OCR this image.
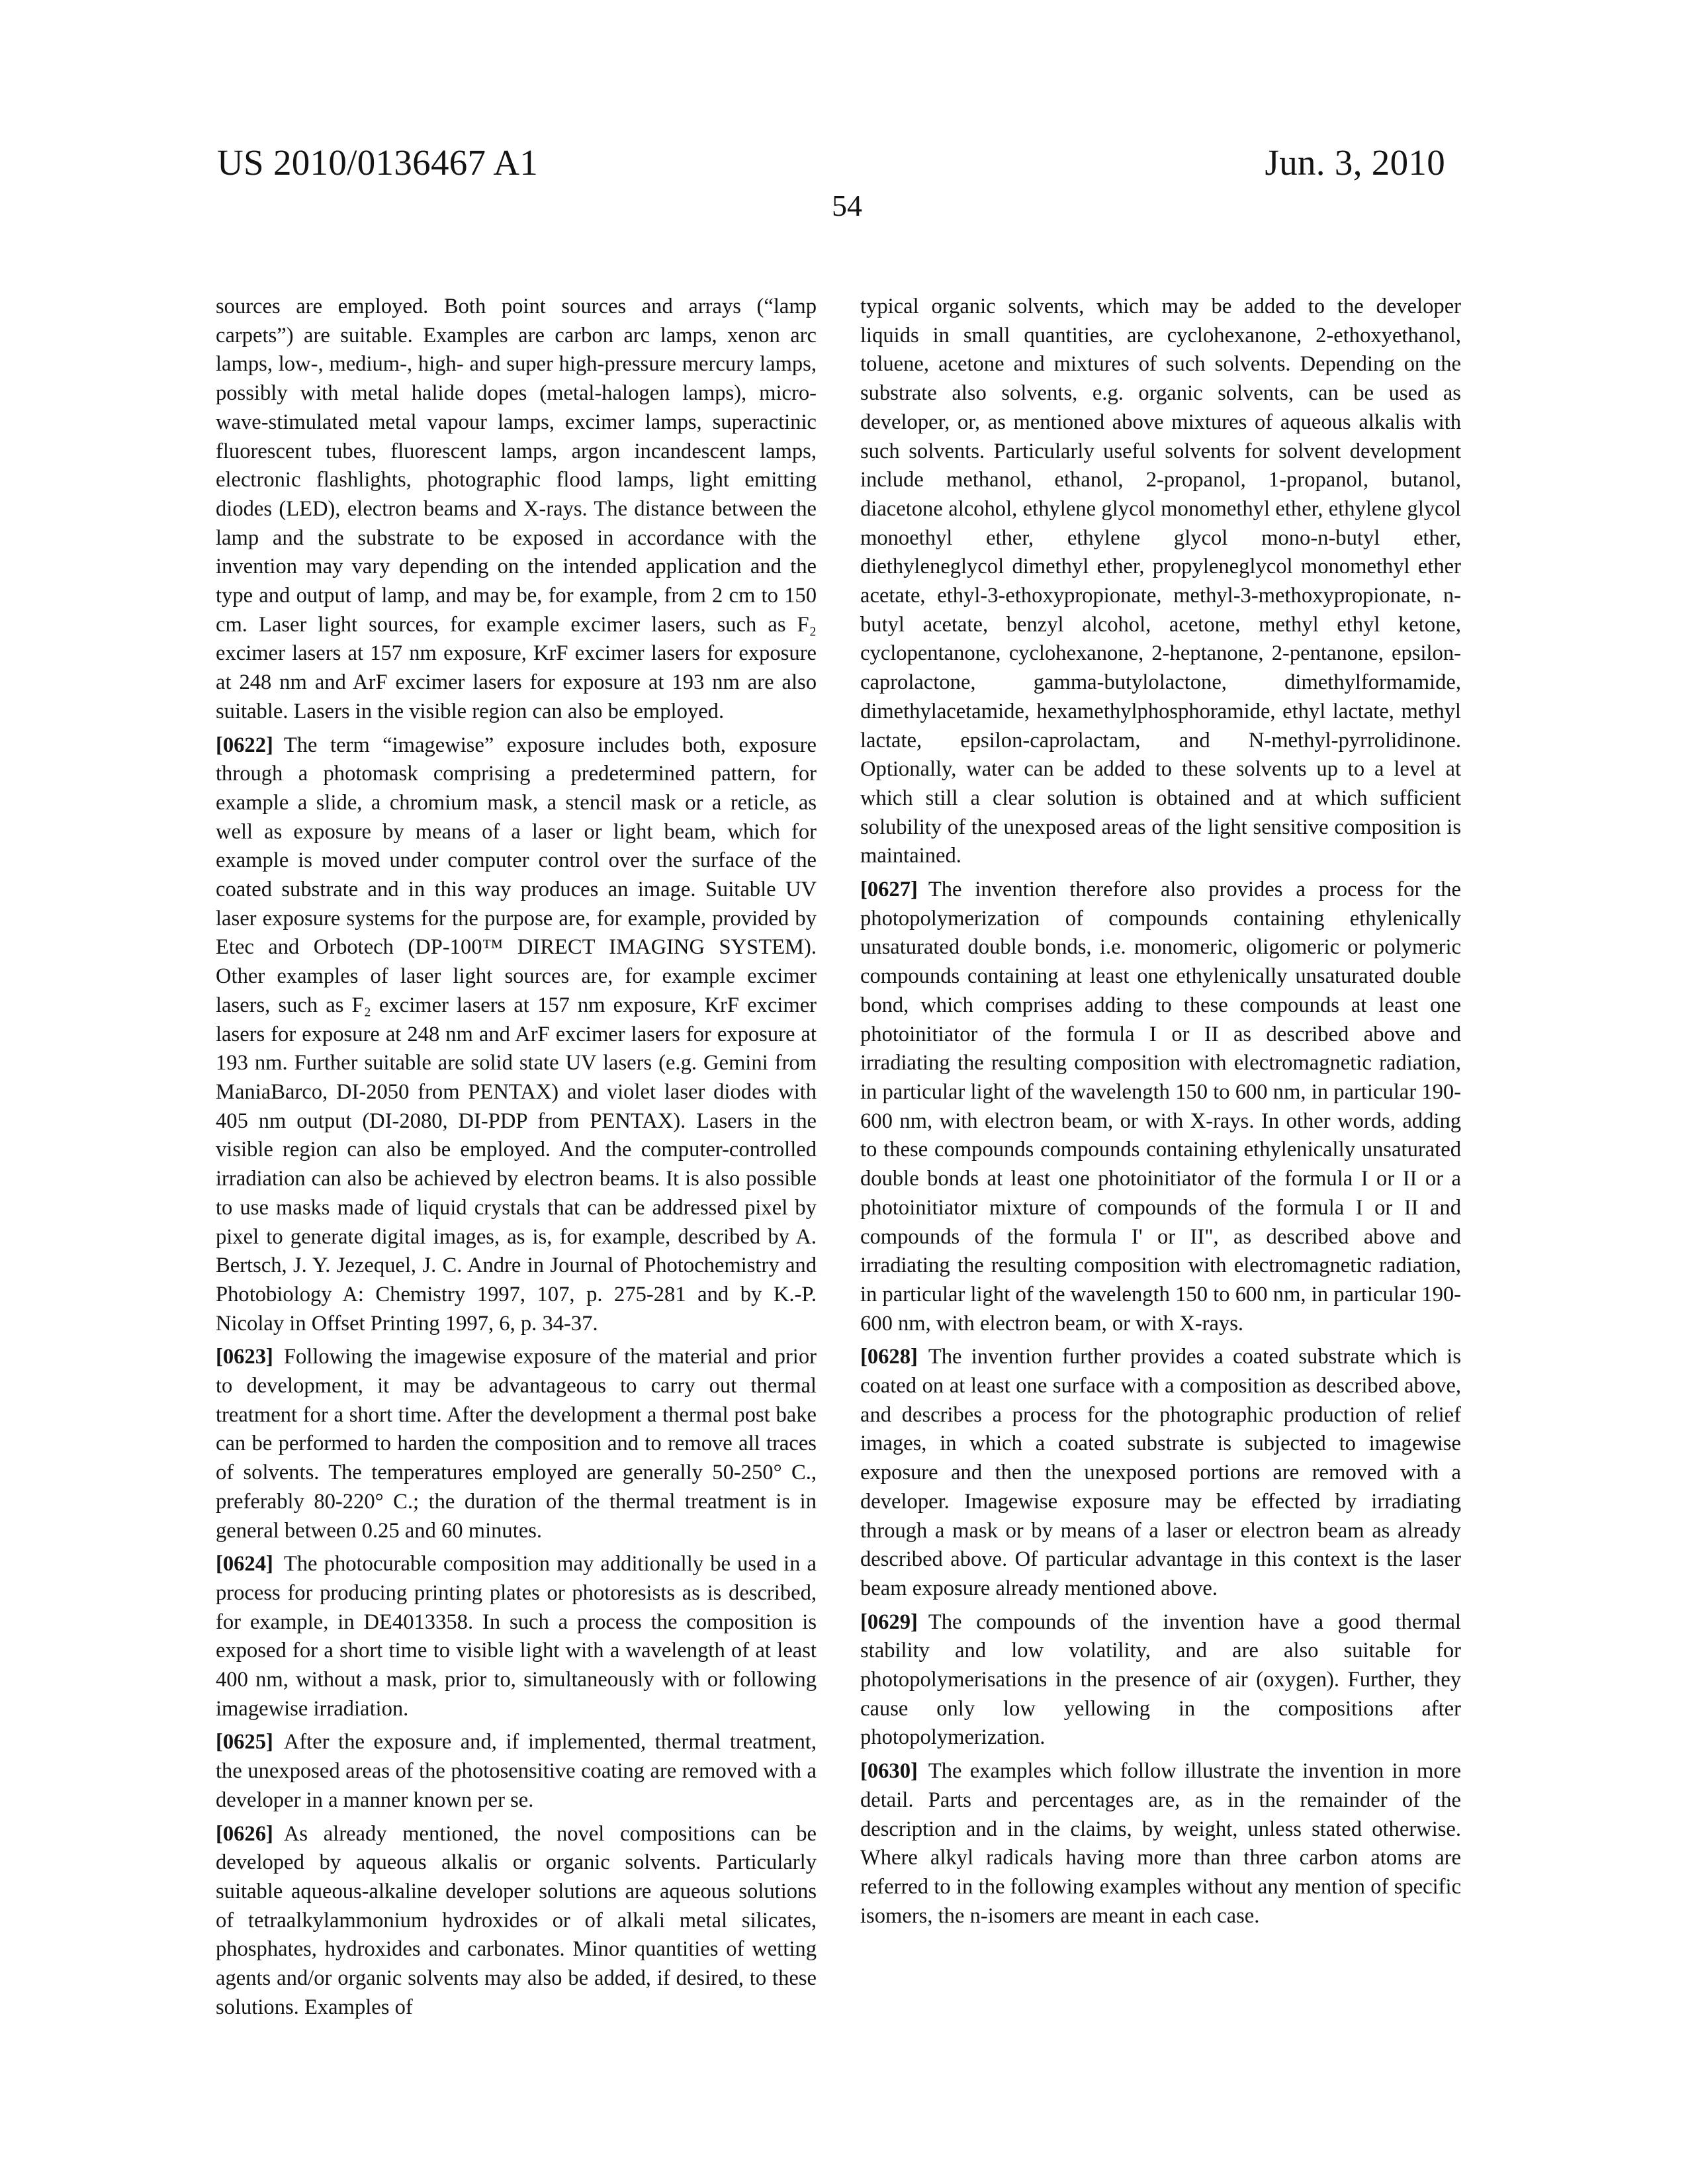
US 2010/0136467 A1	Jun. 3, 2010
54

sources are employed. Both point sources and arrays (“lamp carpets”) are suitable. Examples are carbon arc lamps, xenon arc lamps, low-, medium-, high- and super high-pressure mercury lamps, possibly with metal halide dopes (metal-halogen lamps), micro-wave-stimulated metal vapour lamps, excimer lamps, superactinic fluorescent tubes, fluorescent lamps, argon incandescent lamps, electronic flashlights, photographic flood lamps, light emitting diodes (LED), electron beams and X-rays. The distance between the lamp and the substrate to be exposed in accordance with the invention may vary depending on the intended application and the type and output of lamp, and may be, for example, from 2 cm to 150 cm. Laser light sources, for example excimer lasers, such as F₂ excimer lasers at 157 nm exposure, KrF excimer lasers for exposure at 248 nm and ArF excimer lasers for exposure at 193 nm are also suitable. Lasers in the visible region can also be employed.

[0622] The term “imagewise” exposure includes both, exposure through a photomask comprising a predetermined pattern, for example a slide, a chromium mask, a stencil mask or a reticle, as well as exposure by means of a laser or light beam, which for example is moved under computer control over the surface of the coated substrate and in this way produces an image. Suitable UV laser exposure systems for the purpose are, for example, provided by Etec and Orbotech (DP-100™ DIRECT IMAGING SYSTEM). Other examples of laser light sources are, for example excimer lasers, such as F₂ excimer lasers at 157 nm exposure, KrF excimer lasers for exposure at 248 nm and ArF excimer lasers for exposure at 193 nm. Further suitable are solid state UV lasers (e.g. Gemini from ManiaBarco, DI-2050 from PENTAX) and violet laser diodes with 405 nm output (DI-2080, DI-PDP from PENTAX). Lasers in the visible region can also be employed. And the computer-controlled irradiation can also be achieved by electron beams. It is also possible to use masks made of liquid crystals that can be addressed pixel by pixel to generate digital images, as is, for example, described by A. Bertsch, J. Y. Jezequel, J. C. Andre in Journal of Photochemistry and Photobiology A: Chemistry 1997, 107, p. 275-281 and by K.-P. Nicolay in Offset Printing 1997, 6, p. 34-37.

[0623] Following the imagewise exposure of the material and prior to development, it may be advantageous to carry out thermal treatment for a short time. After the development a thermal post bake can be performed to harden the composition and to remove all traces of solvents. The temperatures employed are generally 50-250° C., preferably 80-220° C.; the duration of the thermal treatment is in general between 0.25 and 60 minutes.

[0624] The photocurable composition may additionally be used in a process for producing printing plates or photoresists as is described, for example, in DE4013358. In such a process the composition is exposed for a short time to visible light with a wavelength of at least 400 nm, without a mask, prior to, simultaneously with or following imagewise irradiation.

[0625] After the exposure and, if implemented, thermal treatment, the unexposed areas of the photosensitive coating are removed with a developer in a manner known per se.

[0626] As already mentioned, the novel compositions can be developed by aqueous alkalis or organic solvents. Particularly suitable aqueous-alkaline developer solutions are aqueous solutions of tetraalkylammonium hydroxides or of alkali metal silicates, phosphates, hydroxides and carbonates. Minor quantities of wetting agents and/or organic solvents may also be added, if desired, to these solutions. Examples of

typical organic solvents, which may be added to the developer liquids in small quantities, are cyclohexanone, 2-ethoxyethanol, toluene, acetone and mixtures of such solvents. Depending on the substrate also solvents, e.g. organic solvents, can be used as developer, or, as mentioned above mixtures of aqueous alkalis with such solvents. Particularly useful solvents for solvent development include methanol, ethanol, 2-propanol, 1-propanol, butanol, diacetone alcohol, ethylene glycol monomethyl ether, ethylene glycol monoethyl ether, ethylene glycol mono-n-butyl ether, diethyleneglycol dimethyl ether, propyleneglycol monomethyl ether acetate, ethyl-3-ethoxypropionate, methyl-3-methoxypropionate, n-butyl acetate, benzyl alcohol, acetone, methyl ethyl ketone, cyclopentanone, cyclohexanone, 2-heptanone, 2-pentanone, epsilon-caprolactone, gamma-butylolactone, dimethylformamide, dimethylacetamide, hexamethylphosphoramide, ethyl lactate, methyl lactate, epsilon-caprolactam, and N-methyl-pyrrolidinone. Optionally, water can be added to these solvents up to a level at which still a clear solution is obtained and at which sufficient solubility of the unexposed areas of the light sensitive composition is maintained.

[0627] The invention therefore also provides a process for the photopolymerization of compounds containing ethylenically unsaturated double bonds, i.e. monomeric, oligomeric or polymeric compounds containing at least one ethylenically unsaturated double bond, which comprises adding to these compounds at least one photoinitiator of the formula I or II as described above and irradiating the resulting composition with electromagnetic radiation, in particular light of the wavelength 150 to 600 nm, in particular 190-600 nm, with electron beam, or with X-rays. In other words, adding to these compounds compounds containing ethylenically unsaturated double bonds at least one photoinitiator of the formula I or II or a photoinitiator mixture of compounds of the formula I or II and compounds of the formula I' or II", as described above and irradiating the resulting composition with electromagnetic radiation, in particular light of the wavelength 150 to 600 nm, in particular 190-600 nm, with electron beam, or with X-rays.

[0628] The invention further provides a coated substrate which is coated on at least one surface with a composition as described above, and describes a process for the photographic production of relief images, in which a coated substrate is subjected to imagewise exposure and then the unexposed portions are removed with a developer. Imagewise exposure may be effected by irradiating through a mask or by means of a laser or electron beam as already described above. Of particular advantage in this context is the laser beam exposure already mentioned above.

[0629] The compounds of the invention have a good thermal stability and low volatility, and are also suitable for photopolymerisations in the presence of air (oxygen). Further, they cause only low yellowing in the compositions after photopolymerization.

[0630] The examples which follow illustrate the invention in more detail. Parts and percentages are, as in the remainder of the description and in the claims, by weight, unless stated otherwise. Where alkyl radicals having more than three carbon atoms are referred to in the following examples without any mention of specific isomers, the n-isomers are meant in each case.
